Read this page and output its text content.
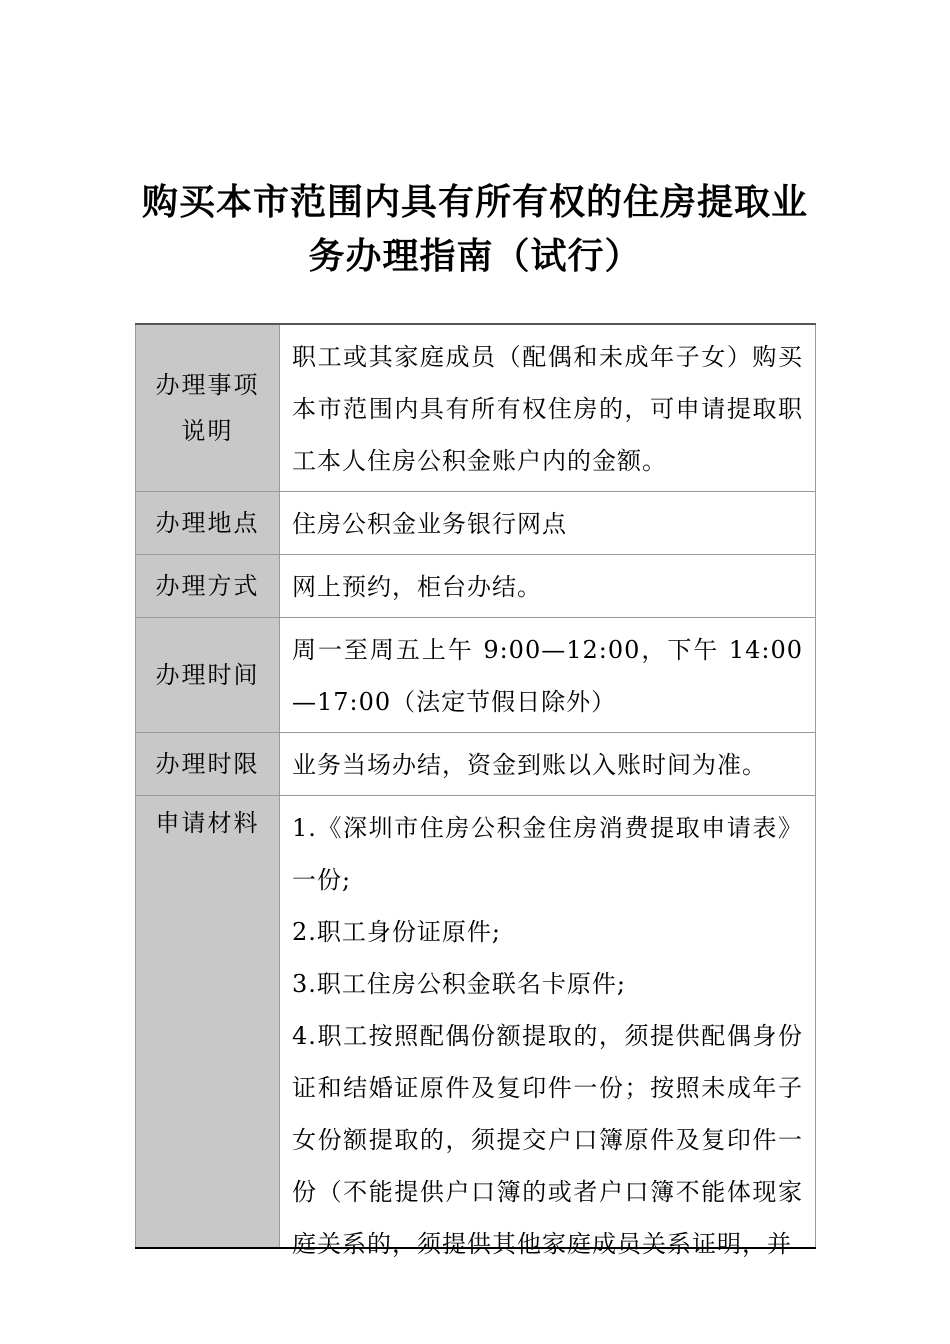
购买本市范围内具有所有权的住房提取业
务办理指南（试行）
办理事项
说明	职工或其家庭成员（配偶和未成年子女）购买本市范围内具有所有权住房的，可申请提取职工本人住房公积金账户内的金额。
办理地点	住房公积金业务银行网点
办理方式	网上预约，柜台办结。
办理时间	周一至周五上午 9:00—12:00，下午 14:00—17:00（法定节假日除外）
办理时限	业务当场办结，资金到账以入账时间为准。
申请材料	1.《深圳市住房公积金住房消费提取申请表》一份;
2.职工身份证原件;
3.职工住房公积金联名卡原件;
4.职工按照配偶份额提取的，须提供配偶身份证和结婚证原件及复印件一份；按照未成年子女份额提取的，须提交户口簿原件及复印件一份（不能提供户口簿的或者户口簿不能体现家庭关系的，须提供其他家庭成员关系证明，并
